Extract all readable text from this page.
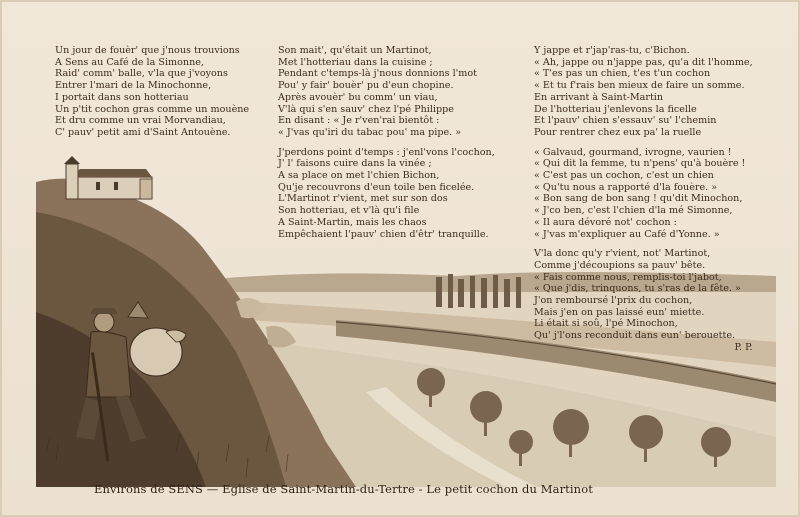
Un jour de fouèr' que j'nous trouvions
A Sens au Café de la Simonne,
Raid' comm' balle, v'la que j'voyons
Entrer l'mari de la Minochonne,
I portait dans son hotteriau
Un p'tit cochon gras comme un mouène
Et dru comme un vrai Morvandiau,
C' pauv' petit ami d'Saint Antouène.
Son mait', qu'était un Martinot,
Met l'hotteriau dans la cuisine ;
Pendant c'temps-là j'nous donnions l'mot
Pou' y fair' bouèr' pu d'eun chopine.
Après avouèr' bu comm' un viau,
V'là qui s'en sauv' chez l'pé Philippe
En disant : « Je r'ven'rai bientôt :
« J'vas qu'iri du tabac pou' ma pipe. »
J'perdons point d'temps : j'enl'vons l'cochon,
J' l' faisons cuire dans la vinée ;
A sa place on met l'chien Bichon,
Qu'je recouvrons d'eun toile ben ficelée.
L'Martinot r'vient, met sur son dos
Son hotteriau, et v'là qu'i file
A Saint-Martin, mais les chaos
Empêchaient l'pauv' chien d'êtr' tranquille.
Y jappe et r'jap'ras-tu, c'Bichon.
« Ah, jappe ou n'jappe pas, qu'a dit l'homme,
« T'es pas un chien, t'es t'un cochon
« Et tu f'rais ben mieux de faire un somme.
En arrivant à Saint-Martin
De l'hotteriau j'enlevons la ficelle
Et l'pauv' chien s'essauv' su' l'chemin
Pour rentrer chez eux pa' la ruelle
« Galvaud, gourmand, ivrogne, vaurien !
« Qui dit la femme, tu n'pens' qu'à bouère !
« C'est pas un cochon, c'est un chien
« Qu'tu nous a rapporté d'la fouère. »
« Bon sang de bon sang ! qu'dit Minochon,
« J'co ben, c'est l'chien d'la mé Simonne,
« Il aura dévoré not' cochon :
« J'vas m'expliquer au Café d'Yonne. »
V'la donc qu'y r'vient, not' Martinot,
Comme j'découpions sa pauv' bête.
« Fais comme nous, remplis-toi l'jabot,
« Que j'dis, trinquons, tu s'ras de la fête. »
J'on remboursé l'prix du cochon,
Mais j'en on pas laissé eun' miette.
Li était si soû, l'pé Minochon,
Qu' j'l'ons reconduit dans eun' berouette.
P. P.
Environs de SENS — Eglise de Saint-Martin-du-Tertre - Le petit cochon du Martinot
